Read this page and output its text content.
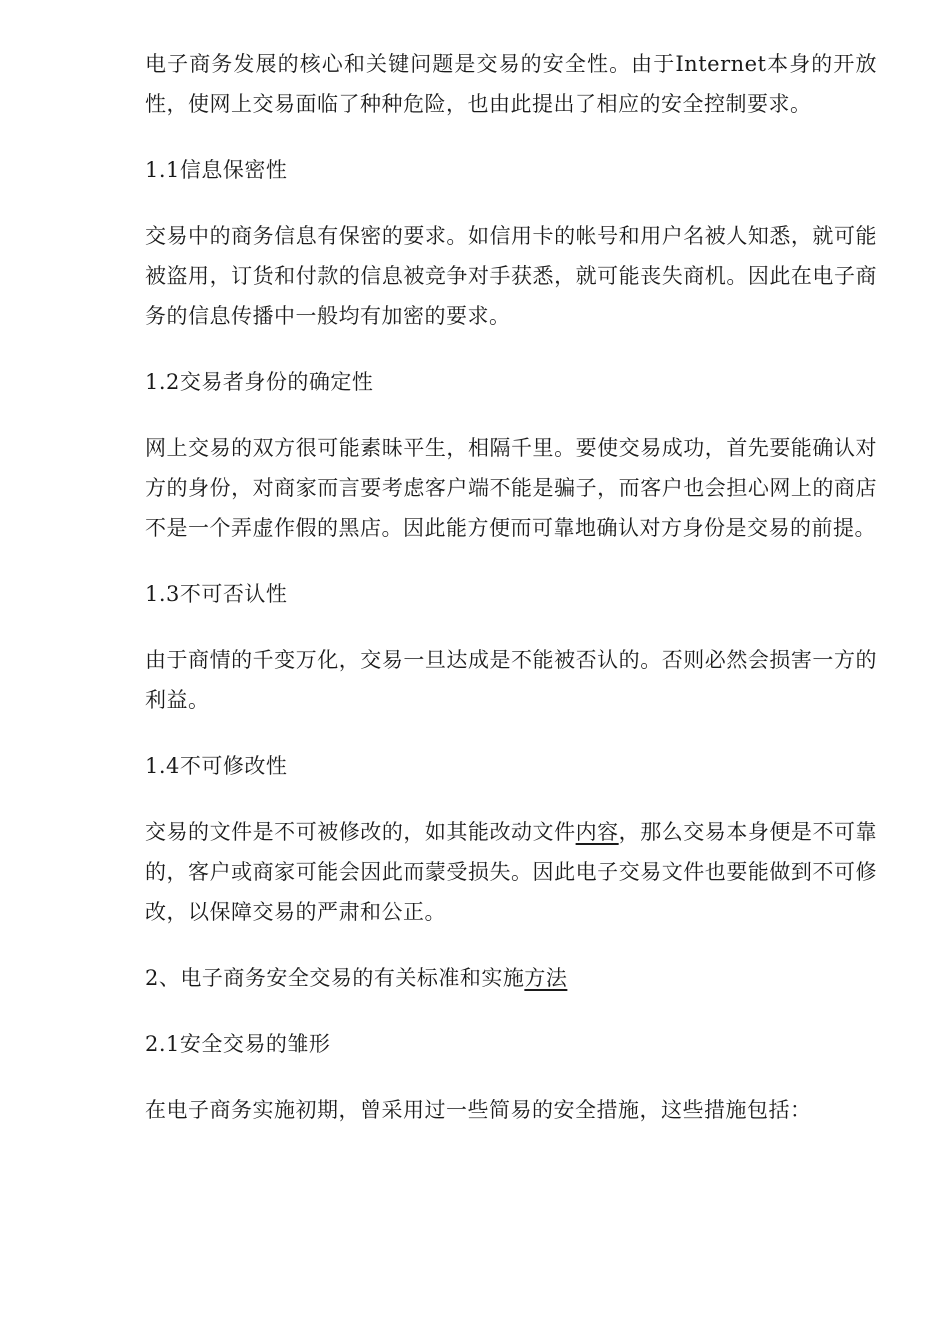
电子商务发展的核心和关键问题是交易的安全性。由于Internet本身的开放性，使网上交易面临了种种危险，也由此提出了相应的安全控制要求。

1.1信息保密性

交易中的商务信息有保密的要求。如信用卡的帐号和用户名被人知悉，就可能被盗用，订货和付款的信息被竞争对手获悉，就可能丧失商机。因此在电子商务的信息传播中一般均有加密的要求。

1.2交易者身份的确定性

网上交易的双方很可能素昧平生，相隔千里。要使交易成功，首先要能确认对方的身份，对商家而言要考虑客户端不能是骗子，而客户也会担心网上的商店不是一个弄虚作假的黑店。因此能方便而可靠地确认对方身份是交易的前提。

1.3不可否认性

由于商情的千变万化，交易一旦达成是不能被否认的。否则必然会损害一方的利益。

1.4不可修改性

交易的文件是不可被修改的，如其能改动文件内容，那么交易本身便是不可靠的，客户或商家可能会因此而蒙受损失。因此电子交易文件也要能做到不可修改，以保障交易的严肃和公正。

2、电子商务安全交易的有关标准和实施方法

2.1安全交易的雏形

在电子商务实施初期，曾采用过一些简易的安全措施，这些措施包括：
